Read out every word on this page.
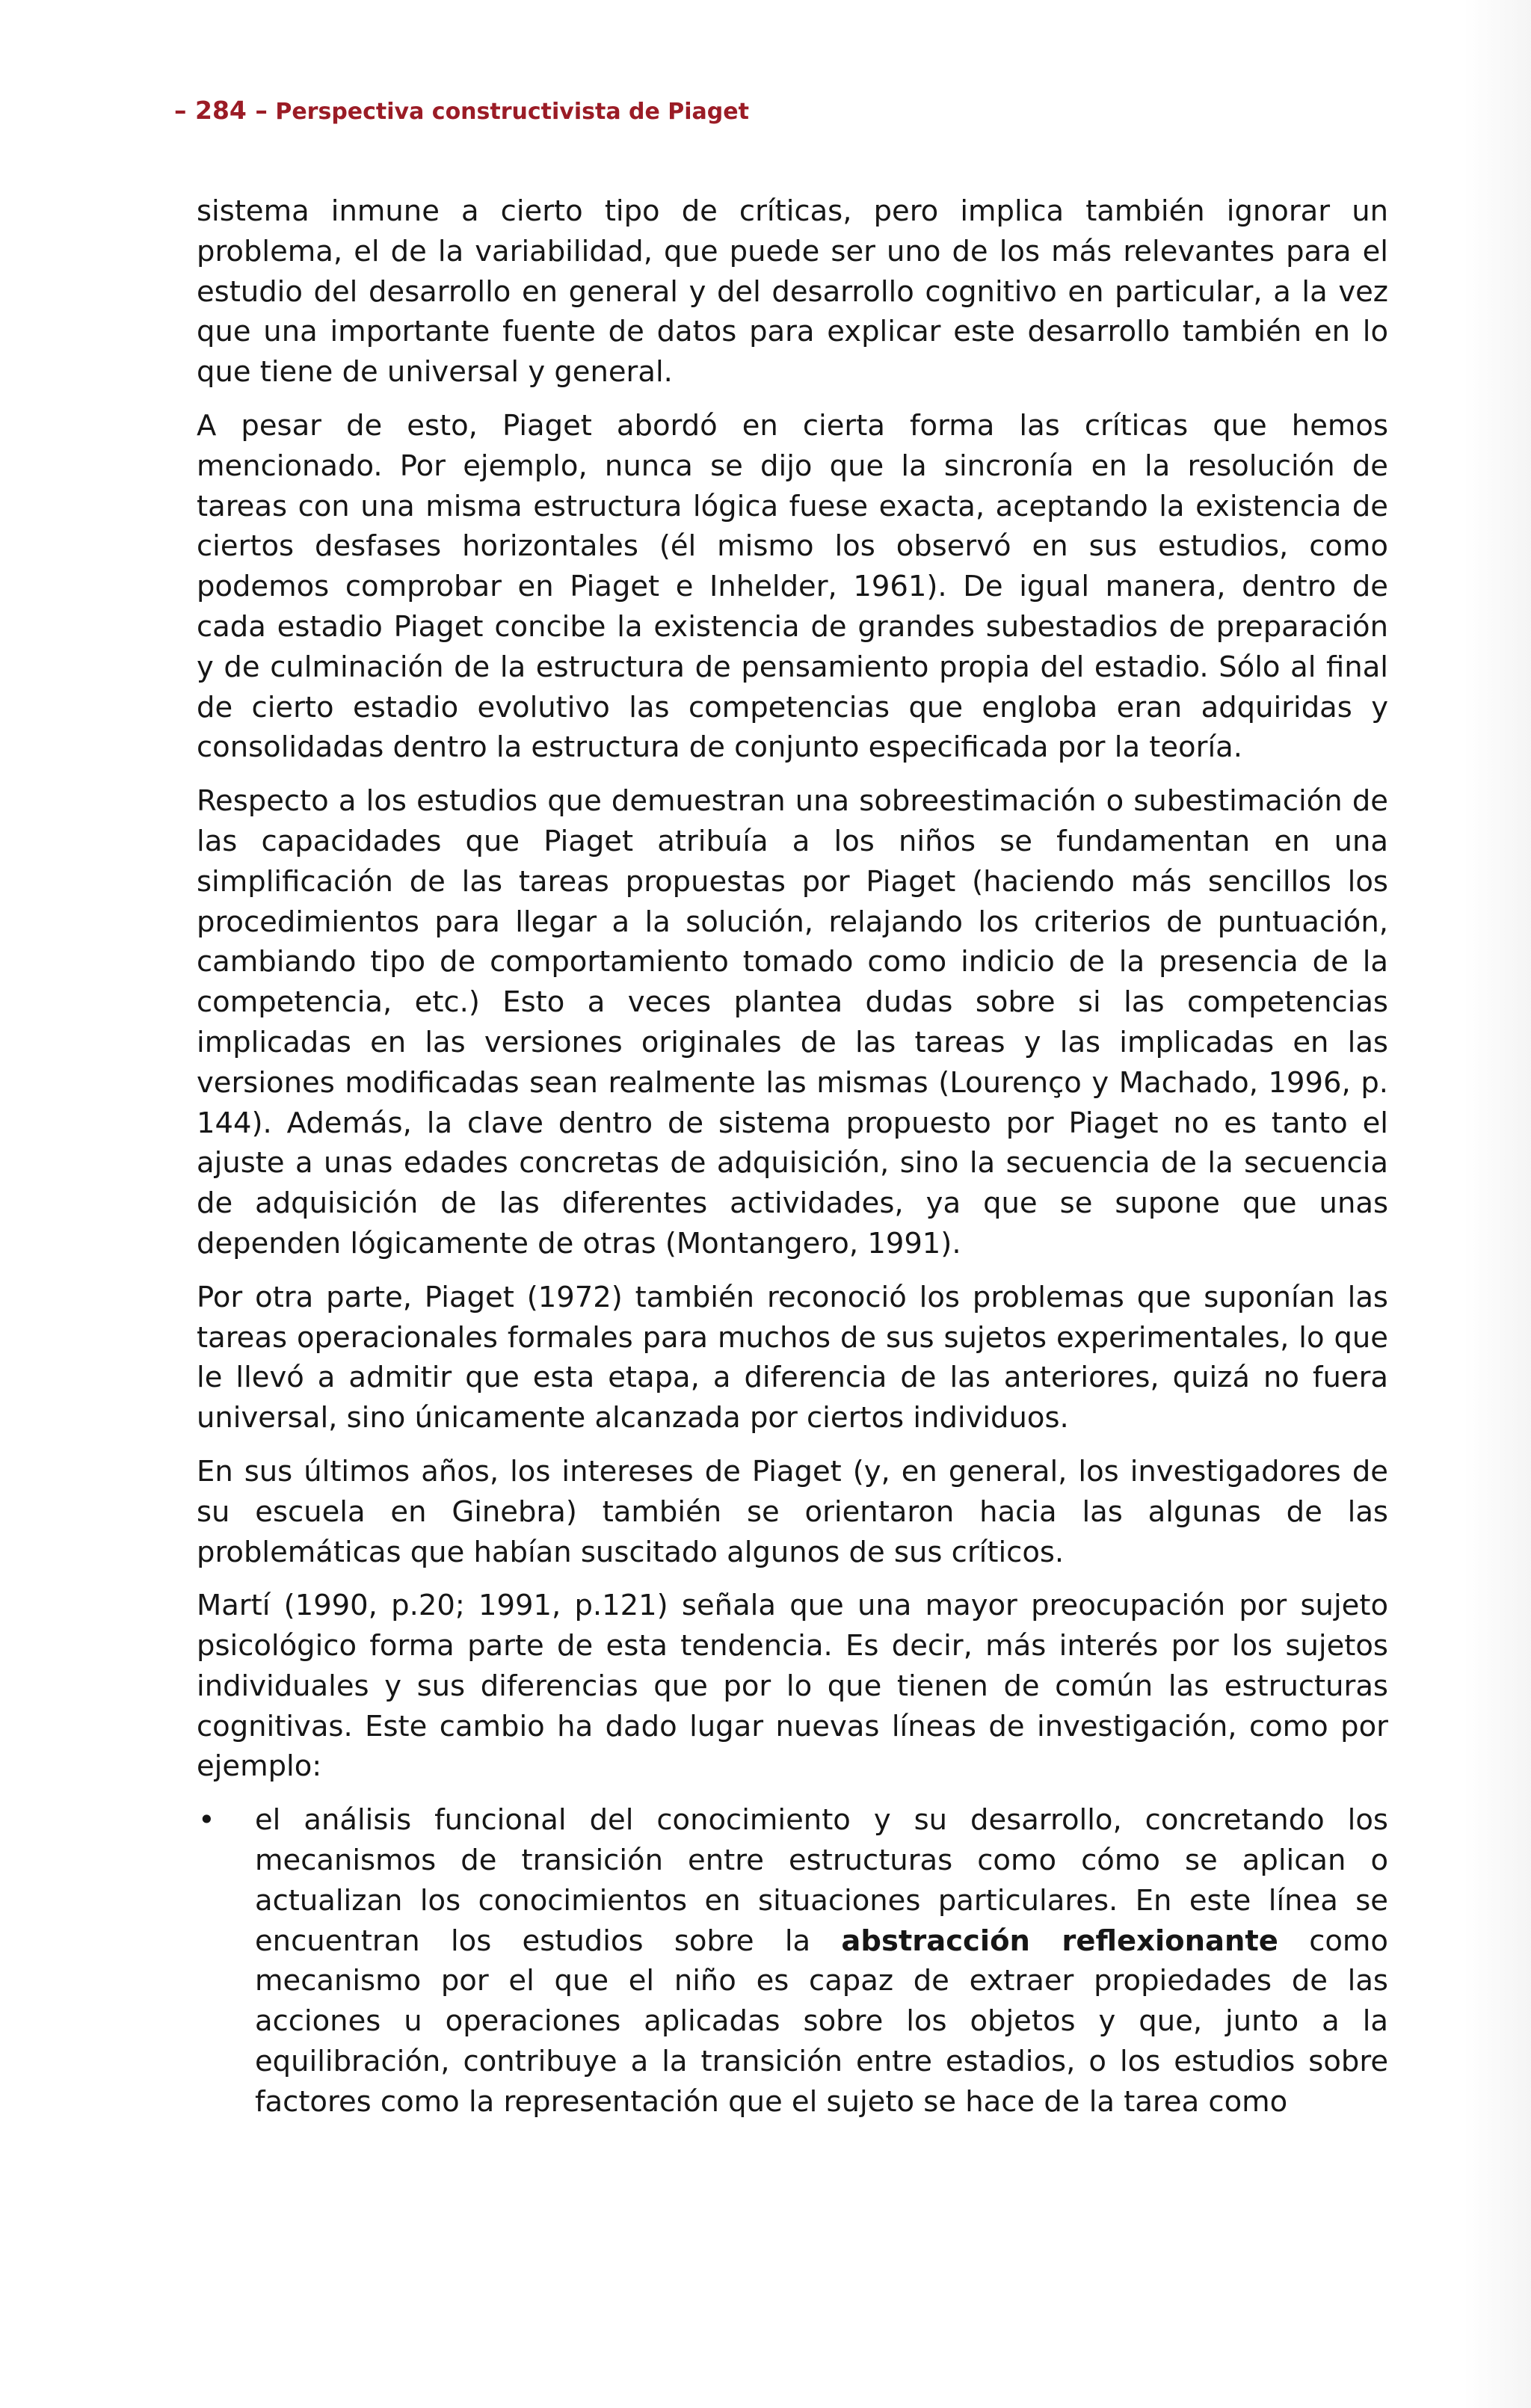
– 284 – Perspectiva constructivista de Piaget

sistema inmune a cierto tipo de críticas, pero implica también ignorar un problema, el de la variabilidad, que puede ser uno de los más relevantes para el estudio del desarrollo en general y del desarrollo cognitivo en particular, a la vez que una importante fuente de datos para explicar este desarrollo también en lo que tiene de universal y general.

A pesar de esto, Piaget abordó en cierta forma las críticas que hemos mencionado. Por ejemplo, nunca se dijo que la sincronía en la resolución de tareas con una misma estructura lógica fuese exacta, aceptando la existencia de ciertos desfases horizontales (él mismo los observó en sus estudios, como podemos comprobar en Piaget e Inhelder, 1961). De igual manera, dentro de cada estadio Piaget concibe la existencia de grandes subestadios de preparación y de culminación de la estructura de pensamiento propia del estadio. Sólo al final de cierto estadio evolutivo las competencias que engloba eran adquiridas y consolidadas dentro la estructura de conjunto especificada por la teoría.

Respecto a los estudios que demuestran una sobreestimación o subestimación de las capacidades que Piaget atribuía a los niños se fundamentan en una simplificación de las tareas propuestas por Piaget (haciendo más sencillos los procedimientos para llegar a la solución, relajando los criterios de puntuación, cambiando tipo de comportamiento tomado como indicio de la presencia de la competencia, etc.) Esto a veces plantea dudas sobre si las competencias implicadas en las versiones originales de las tareas y las implicadas en las versiones modificadas sean realmente las mismas (Lourenço y Machado, 1996, p. 144). Además, la clave dentro de sistema propuesto por Piaget no es tanto el ajuste a unas edades concretas de adquisición, sino la secuencia de la secuencia de adquisición de las diferentes actividades, ya que se supone que unas dependen lógicamente de otras (Montangero, 1991).

Por otra parte, Piaget (1972) también reconoció los problemas que suponían las tareas operacionales formales para muchos de sus sujetos experimentales, lo que le llevó a admitir que esta etapa, a diferencia de las anteriores, quizá no fuera universal, sino únicamente alcanzada por ciertos individuos.

En sus últimos años, los intereses de Piaget (y, en general, los investigadores de su escuela en Ginebra) también se orientaron hacia las algunas de las problemáticas que habían suscitado algunos de sus críticos.

Martí (1990, p.20; 1991, p.121) señala que una mayor preocupación por sujeto psicológico forma parte de esta tendencia. Es decir, más interés por los sujetos individuales y sus diferencias que por lo que tienen de común las estructuras cognitivas. Este cambio ha dado lugar nuevas líneas de investigación, como por ejemplo:

• el análisis funcional del conocimiento y su desarrollo, concretando los mecanismos de transición entre estructuras como cómo se aplican o actualizan los conocimientos en situaciones particulares. En este línea se encuentran los estudios sobre la abstracción reflexionante como mecanismo por el que el niño es capaz de extraer propiedades de las acciones u operaciones aplicadas sobre los objetos y que, junto a la equilibración, contribuye a la transición entre estadios, o los estudios sobre factores como la representación que el sujeto se hace de la tarea como
